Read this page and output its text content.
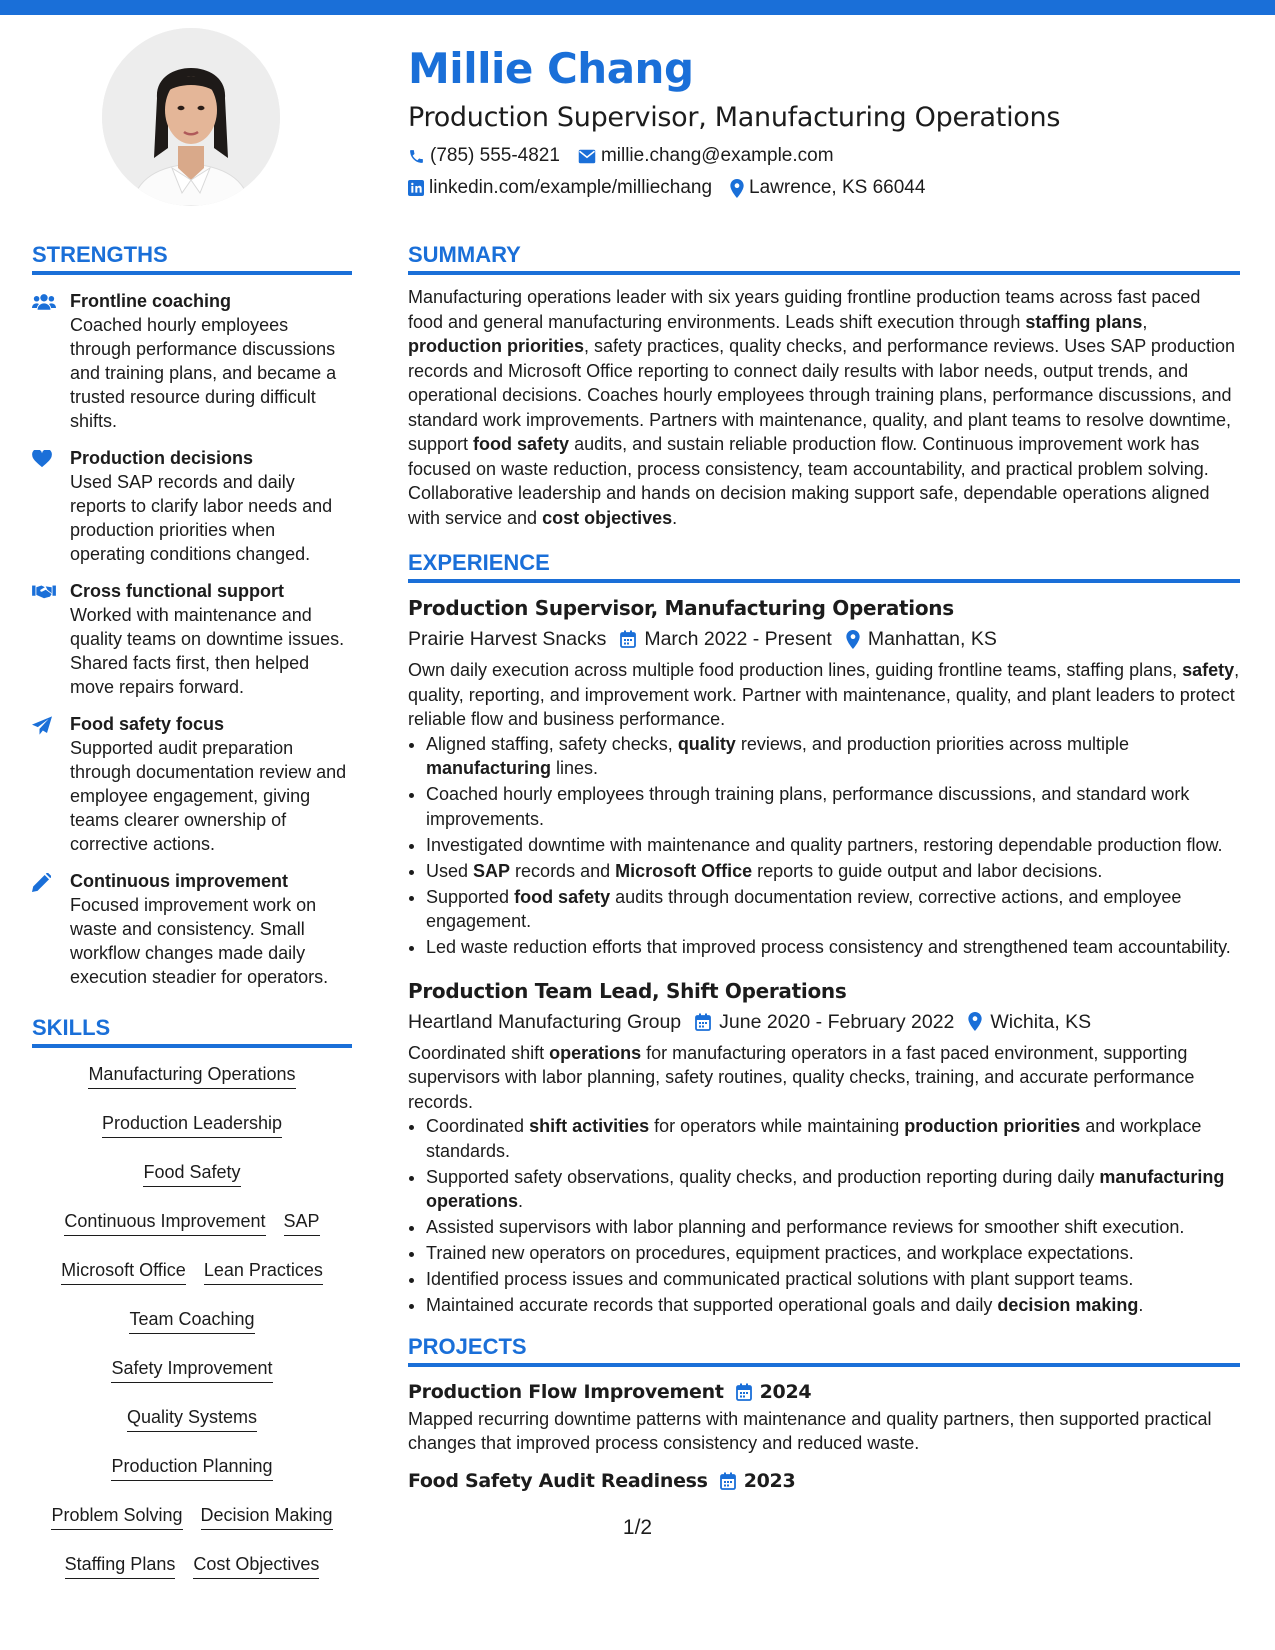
Millie Chang
Production Supervisor, Manufacturing Operations
(785) 555-4821 millie.chang@example.com
linkedin.com/example/milliechang Lawrence, KS 66044
STRENGTHS
Frontline coaching
Coached hourly employees through performance discussions and training plans, and became a trusted resource during difficult shifts.
Production decisions
Used SAP records and daily reports to clarify labor needs and production priorities when operating conditions changed.
Cross functional support
Worked with maintenance and quality teams on downtime issues. Shared facts first, then helped move repairs forward.
Food safety focus
Supported audit preparation through documentation review and employee engagement, giving teams clearer ownership of corrective actions.
Continuous improvement
Focused improvement work on waste and consistency. Small workflow changes made daily execution steadier for operators.
SKILLS
Manufacturing Operations
Production Leadership
Food Safety
Continuous Improvement SAP
Microsoft Office Lean Practices
Team Coaching
Safety Improvement
Quality Systems
Production Planning
Problem Solving Decision Making
Staffing Plans Cost Objectives
SUMMARY
Manufacturing operations leader with six years guiding frontline production teams across fast paced food and general manufacturing environments. Leads shift execution through staffing plans, production priorities, safety practices, quality checks, and performance reviews. Uses SAP production records and Microsoft Office reporting to connect daily results with labor needs, output trends, and operational decisions. Coaches hourly employees through training plans, performance discussions, and standard work improvements. Partners with maintenance, quality, and plant teams to resolve downtime, support food safety audits, and sustain reliable production flow. Continuous improvement work has focused on waste reduction, process consistency, team accountability, and practical problem solving. Collaborative leadership and hands on decision making support safe, dependable operations aligned with service and cost objectives.
EXPERIENCE
Production Supervisor, Manufacturing Operations
Prairie Harvest Snacks March 2022 - Present Manhattan, KS
Own daily execution across multiple food production lines, guiding frontline teams, staffing plans, safety, quality, reporting, and improvement work. Partner with maintenance, quality, and plant leaders to protect reliable flow and business performance.
• Aligned staffing, safety checks, quality reviews, and production priorities across multiple manufacturing lines.
• Coached hourly employees through training plans, performance discussions, and standard work improvements.
• Investigated downtime with maintenance and quality partners, restoring dependable production flow.
• Used SAP records and Microsoft Office reports to guide output and labor decisions.
• Supported food safety audits through documentation review, corrective actions, and employee engagement.
• Led waste reduction efforts that improved process consistency and strengthened team accountability.
Production Team Lead, Shift Operations
Heartland Manufacturing Group June 2020 - February 2022 Wichita, KS
Coordinated shift operations for manufacturing operators in a fast paced environment, supporting supervisors with labor planning, safety routines, quality checks, training, and accurate performance records.
• Coordinated shift activities for operators while maintaining production priorities and workplace standards.
• Supported safety observations, quality checks, and production reporting during daily manufacturing operations.
• Assisted supervisors with labor planning and performance reviews for smoother shift execution.
• Trained new operators on procedures, equipment practices, and workplace expectations.
• Identified process issues and communicated practical solutions with plant support teams.
• Maintained accurate records that supported operational goals and daily decision making.
PROJECTS
Production Flow Improvement 2024
Mapped recurring downtime patterns with maintenance and quality partners, then supported practical changes that improved process consistency and reduced waste.
Food Safety Audit Readiness 2023
1/2
